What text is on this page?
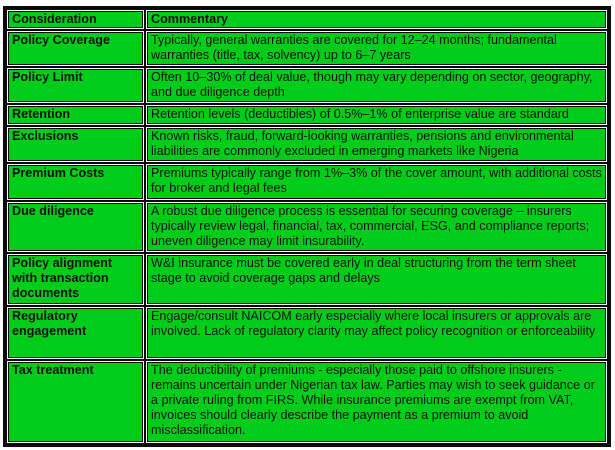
Consideration	Commentary
Policy Coverage	Typically, general warranties are covered for 12–24 months; fundamental warranties (title, tax, solvency) up to 6–7 years
Policy Limit	Often 10–30% of deal value, though may vary depending on sector, geography, and due diligence depth
Retention	Retention levels (deductibles) of 0.5%–1% of enterprise value are standard
Exclusions	Known risks, fraud, forward-looking warranties, pensions and environmental liabilities are commonly excluded in emerging markets like Nigeria
Premium Costs	Premiums typically range from 1%–3% of the cover amount, with additional costs for broker and legal fees
Due diligence	A robust due diligence process is essential for securing coverage – insurers typically review legal, financial, tax, commercial, ESG, and compliance reports; uneven diligence may limit insurability.
Policy alignment with transaction documents	W&I insurance must be covered early in deal structuring from the term sheet stage to avoid coverage gaps and delays
Regulatory engagement	Engage/consult NAICOM early especially where local insurers or approvals are involved. Lack of regulatory clarity may affect policy recognition or enforceability
Tax treatment	The deductibility of premiums - especially those paid to offshore insurers - remains uncertain under Nigerian tax law. Parties may wish to seek guidance or a private ruling from FIRS. While insurance premiums are exempt from VAT, invoices should clearly describe the payment as a premium to avoid misclassification.
